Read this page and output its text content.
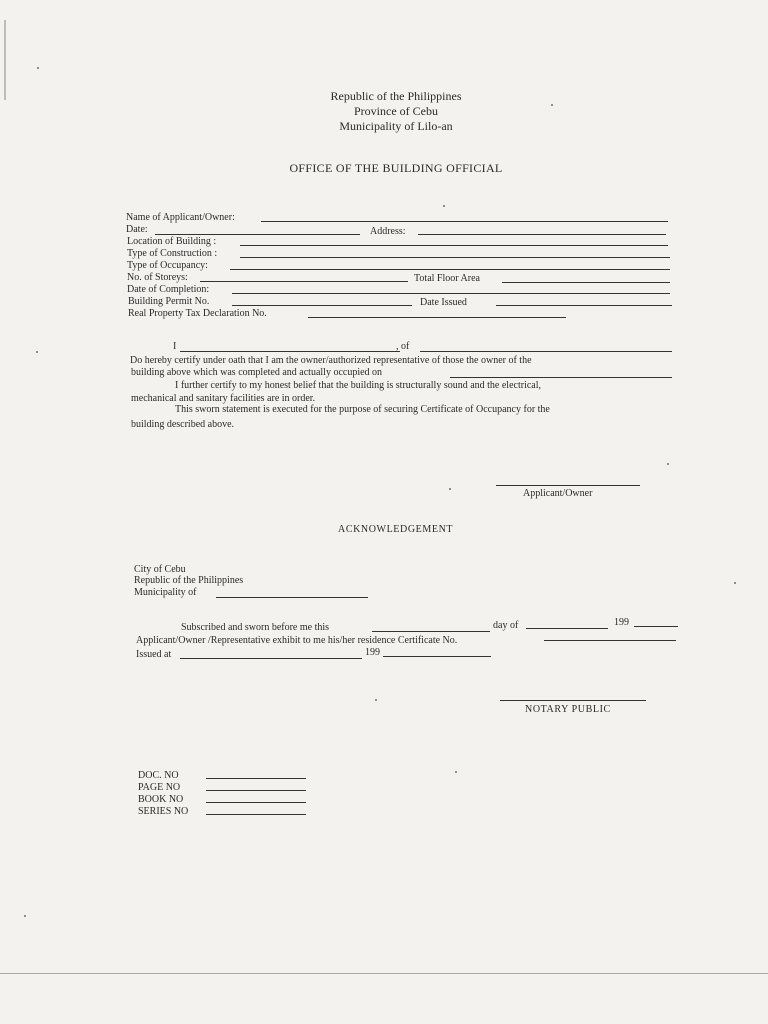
Republic of the Philippines
Province of Cebu
Municipality of Lilo-an
OFFICE OF THE BUILDING OFFICIAL
Name of Applicant/Owner:
Date:	Address:
Location of Building :
Type of Construction :
Type of Occupancy:
No. of Storeys:	Total Floor Area
Date of Completion:
Building Permit No.	Date Issued
Real Property Tax Declaration No.
I	, of
Do hereby certify under oath that I am the owner/authorized representative of those the owner of the
building above which was completed and actually occupied on
I further certify to my honest belief that the building is structurally sound and the electrical,
mechanical and sanitary facilities are in order.
This sworn statement is executed for the purpose of securing Certificate of Occupancy for the
building described above.
Applicant/Owner
ACKNOWLEDGEMENT
City of Cebu
Republic of the Philippines
Municipality of
Subscribed and sworn before me this	day of	199
Applicant/Owner /Representative exhibit to me his/her residence Certificate No.
Issued at	199
NOTARY PUBLIC
DOC. NO
PAGE NO
BOOK NO
SERIES NO
